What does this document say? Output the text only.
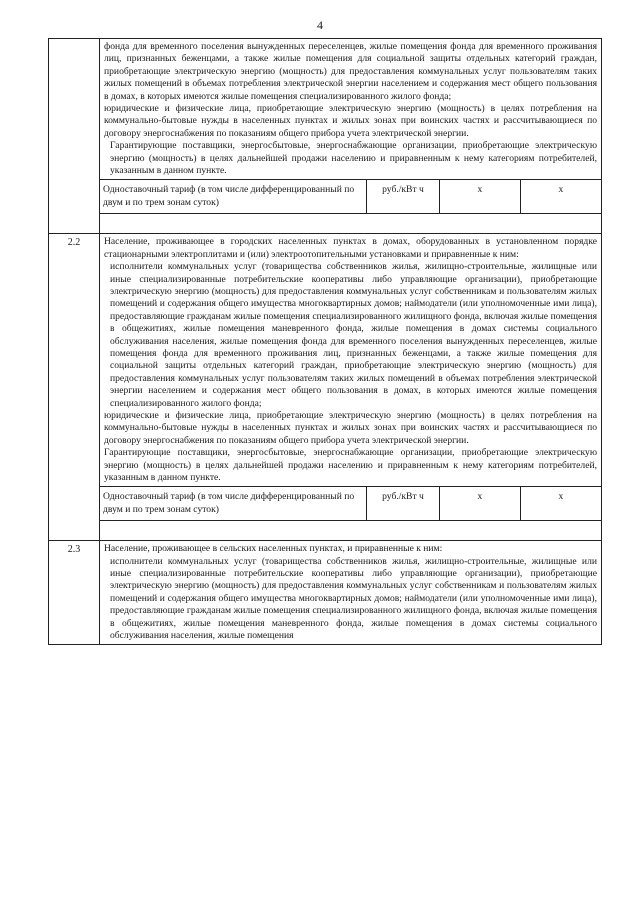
4

фонда для временного поселения вынужденных переселенцев, жилые помещения фонда для временного проживания лиц, признанных беженцами, а также жилые помещения для социальной защиты отдельных категорий граждан, приобретающие электрическую энергию (мощность) для предоставления коммунальных услуг пользователям таких жилых помещений в объемах потребления электрической энергии населением и содержания мест общего пользования в домах, в которых имеются жилые помещения специализированного жилого фонда;

юридические и физические лица, приобретающие электрическую энергию (мощность) в целях потребления на коммунально-бытовые нужды в населенных пунктах и жилых зонах при воинских частях и рассчитывающиеся по договору энергоснабжения по показаниям общего прибора учета электрической энергии.

Гарантирующие поставщики, энергосбытовые, энергоснабжающие организации, приобретающие электрическую энергию (мощность) в целях дальнейшей продажи населению и приравненным к нему категориям потребителей, указанным в данном пункте.

Одноставочный тариф (в том числе дифференцированный по двум и по трем зонам суток)	руб./кВт ч	х	х

2.2	Население, проживающее в городских населенных пунктах в домах, оборудованных в установленном порядке стационарными электроплитами и (или) электроотопительными установками и приравненные к ним:

исполнители коммунальных услуг (товарищества собственников жилья, жилищно-строительные, жилищные или иные специализированные потребительские кооперативы либо управляющие организации), приобретающие электрическую энергию (мощность) для предоставления коммунальных услуг собственникам и пользователям жилых помещений и содержания общего имущества многоквартирных домов; наймодатели (или уполномоченные ими лица), предоставляющие гражданам жилые помещения специализированного жилищного фонда, включая жилые помещения в общежитиях, жилые помещения маневренного фонда, жилые помещения в домах системы социального обслуживания населения, жилые помещения фонда для временного поселения вынужденных переселенцев, жилые помещения фонда для временного проживания лиц, признанных беженцами, а также жилые помещения для социальной защиты отдельных категорий граждан, приобретающие электрическую энергию (мощность) для предоставления коммунальных услуг пользователям таких жилых помещений в объемах потребления электрической энергии населением и содержания мест общего пользования в домах, в которых имеются жилые помещения специализированного жилого фонда;

юридические и физические лица, приобретающие электрическую энергию (мощность) в целях потребления на коммунально-бытовые нужды в населенных пунктах и жилых зонах при воинских частях и рассчитывающиеся по договору энергоснабжения по показаниям общего прибора учета электрической энергии.

Гарантирующие поставщики, энергосбытовые, энергоснабжающие организации, приобретающие электрическую энергию (мощность) в целях дальнейшей продажи населению и приравненным к нему категориям потребителей, указанным в данном пункте.

Одноставочный тариф (в том числе дифференцированный по двум и по трем зонам суток)	руб./кВт ч	х	х

2.3	Население, проживающее в сельских населенных пунктах, и приравненные к ним:

исполнители коммунальных услуг (товарищества собственников жилья, жилищно-строительные, жилищные или иные специализированные потребительские кооперативы либо управляющие организации), приобретающие электрическую энергию (мощность) для предоставления коммунальных услуг собственникам и пользователям жилых помещений и содержания общего имущества многоквартирных домов; наймодатели (или уполномоченные ими лица), предоставляющие гражданам жилые помещения специализированного жилищного фонда, включая жилые помещения в общежитиях, жилые помещения маневренного фонда, жилые помещения в домах системы социального обслуживания населения, жилые помещения
